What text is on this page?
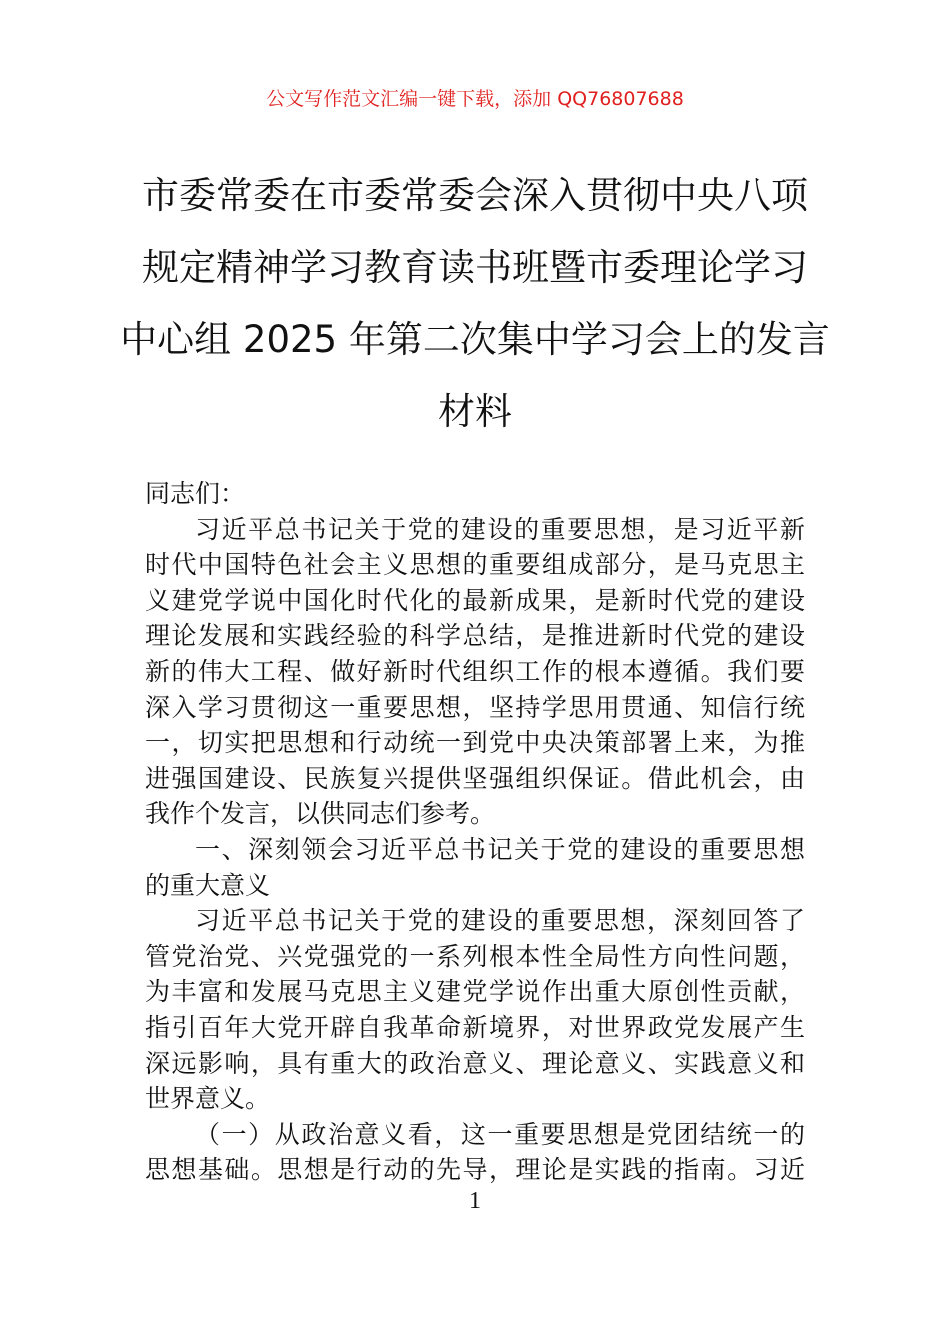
公文写作范文汇编一键下载，添加 QQ76807688
市委常委在市委常委会深入贯彻中央八项
规定精神学习教育读书班暨市委理论学习
中心组 2025 年第二次集中学习会上的发言
材料

同志们：

习近平总书记关于党的建设的重要思想，是习近平新
时代中国特色社会主义思想的重要组成部分，是马克思主
义建党学说中国化时代化的最新成果，是新时代党的建设
理论发展和实践经验的科学总结，是推进新时代党的建设
新的伟大工程、做好新时代组织工作的根本遵循。我们要
深入学习贯彻这一重要思想，坚持学思用贯通、知信行统
一，切实把思想和行动统一到党中央决策部署上来，为推
进强国建设、民族复兴提供坚强组织保证。借此机会，由
我作个发言，以供同志们参考。

一、深刻领会习近平总书记关于党的建设的重要思想
的重大意义

习近平总书记关于党的建设的重要思想，深刻回答了
管党治党、兴党强党的一系列根本性全局性方向性问题，
为丰富和发展马克思主义建党学说作出重大原创性贡献，
指引百年大党开辟自我革命新境界，对世界政党发展产生
深远影响，具有重大的政治意义、理论意义、实践意义和
世界意义。

（一）从政治意义看，这一重要思想是党团结统一的
思想基础。思想是行动的先导，理论是实践的指南。习近

1
